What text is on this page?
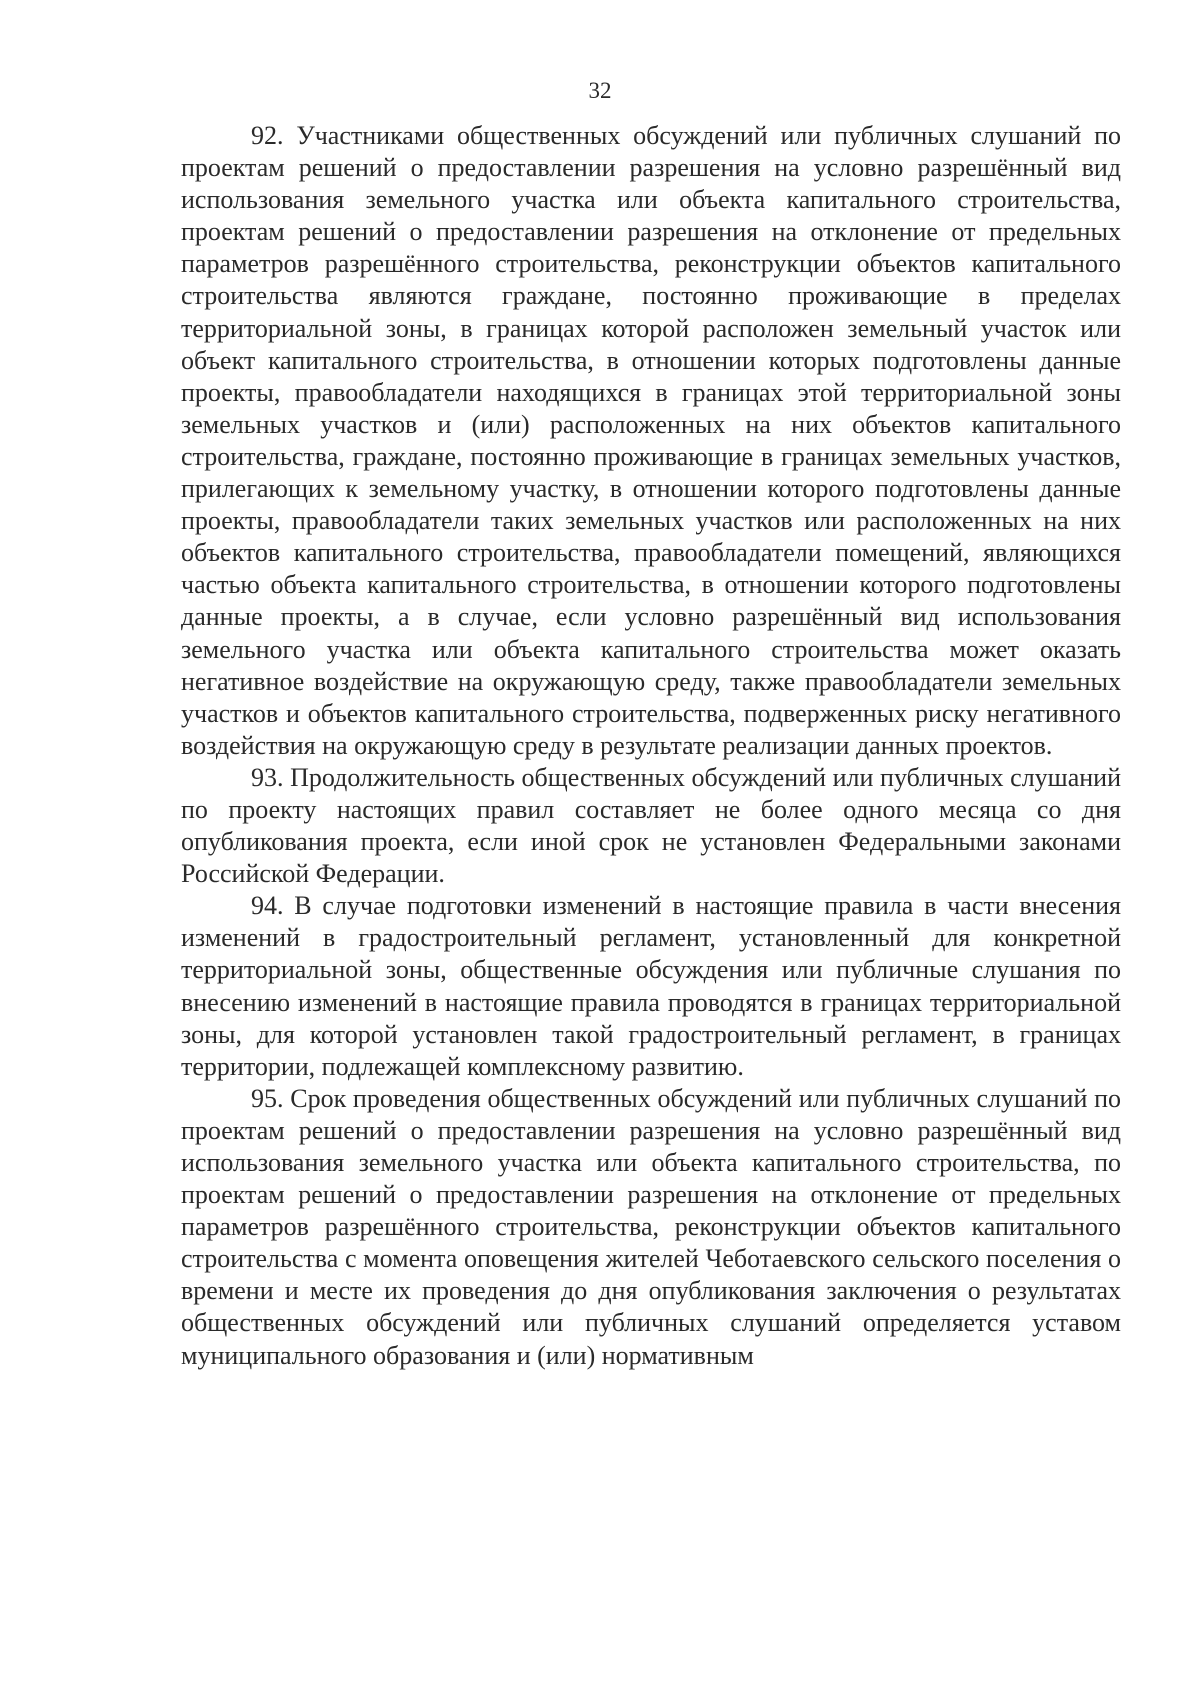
32

92. Участниками общественных обсуждений или публичных слушаний по проектам решений о предоставлении разрешения на условно разрешённый вид использования земельного участка или объекта капитального строительства, проектам решений о предоставлении разрешения на отклонение от предельных параметров разрешённого строительства, реконструкции объектов капитального строительства являются граждане, постоянно проживающие в пределах территориальной зоны, в границах которой расположен земельный участок или объект капитального строительства, в отношении которых подготовлены данные проекты, правообладатели находящихся в границах этой территориальной зоны земельных участков и (или) расположенных на них объектов капитального строительства, граждане, постоянно проживающие в границах земельных участков, прилегающих к земельному участку, в отношении которого подготовлены данные проекты, правообладатели таких земельных участков или расположенных на них объектов капитального строительства, правообладатели помещений, являющихся частью объекта капитального строительства, в отношении которого подготовлены данные проекты, а в случае, если условно разрешённый вид использования земельного участка или объекта капитального строительства может оказать негативное воздействие на окружающую среду, также правообладатели земельных участков и объектов капитального строительства, подверженных риску негативного воздействия на окружающую среду в результате реализации данных проектов.

93. Продолжительность общественных обсуждений или публичных слушаний по проекту настоящих правил составляет не более одного месяца со дня опубликования проекта, если иной срок не установлен Федеральными законами Российской Федерации.

94. В случае подготовки изменений в настоящие правила в части внесения изменений в градостроительный регламент, установленный для конкретной территориальной зоны, общественные обсуждения или публичные слушания по внесению изменений в настоящие правила проводятся в границах территориальной зоны, для которой установлен такой градостроительный регламент, в границах территории, подлежащей комплексному развитию.

95. Срок проведения общественных обсуждений или публичных слушаний по проектам решений о предоставлении разрешения на условно разрешённый вид использования земельного участка или объекта капитального строительства, по проектам решений о предоставлении разрешения на отклонение от предельных параметров разрешённого строительства, реконструкции объектов капитального строительства с момента оповещения жителей Чеботаевского сельского поселения о времени и месте их проведения до дня опубликования заключения о результатах общественных обсуждений или публичных слушаний определяется уставом муниципального образования и (или) нормативным
